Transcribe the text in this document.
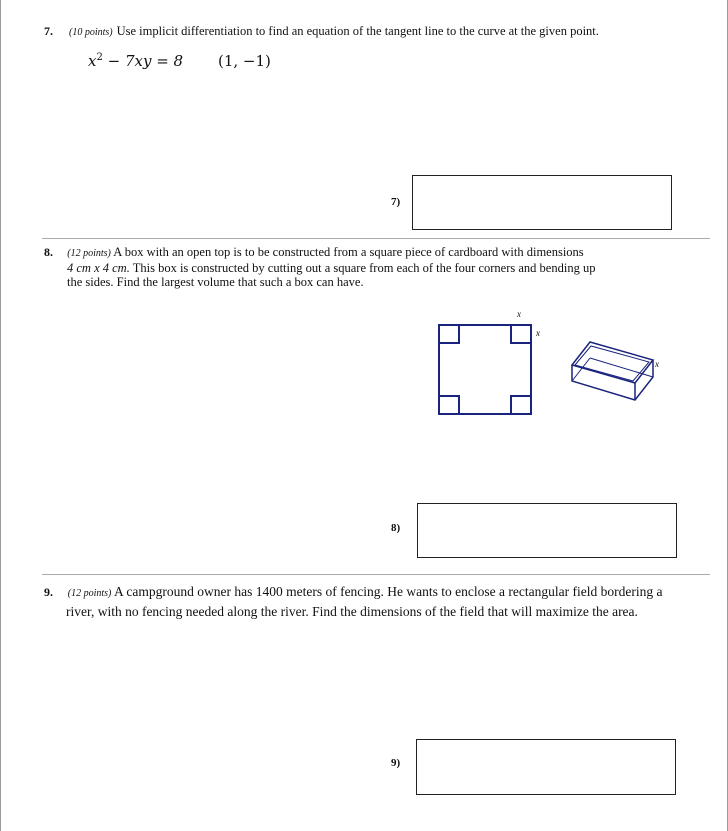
7. (10 points) Use implicit differentiation to find an equation of the tangent line to the curve at the given point.
$x^2 - 7xy = 8$ (1, −1)
7)
8. (12 points) A box with an open top is to be constructed from a square piece of cardboard with dimensions
4 cm x 4 cm. This box is constructed by cutting out a square from each of the four corners and bending up
the sides. Find the largest volume that such a box can have.
x
x
x
8)
9. (12 points) A campground owner has 1400 meters of fencing. He wants to enclose a rectangular field bordering a
river, with no fencing needed along the river. Find the dimensions of the field that will maximize the area.
9)
